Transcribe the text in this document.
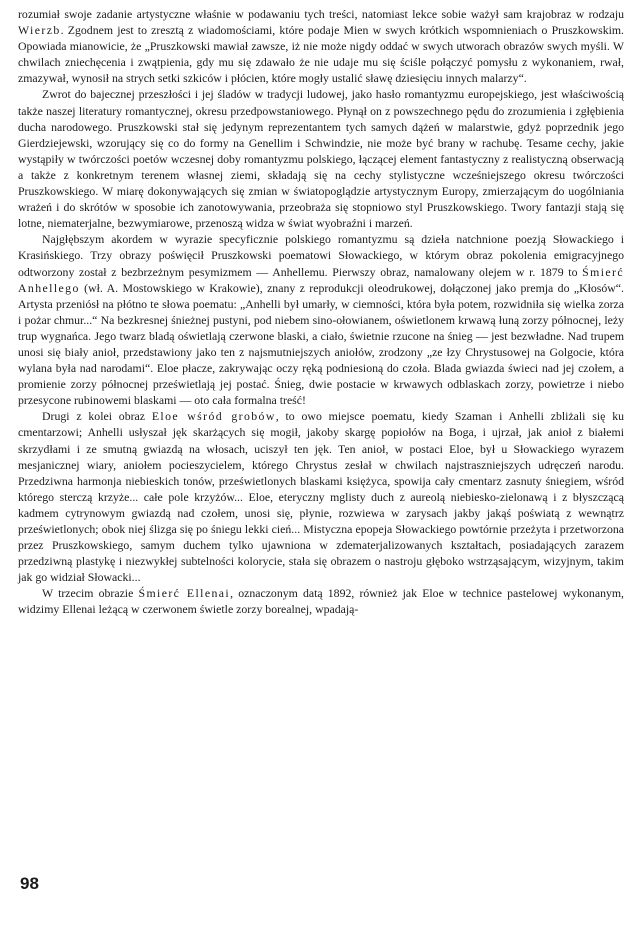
rozumiał swoje zadanie artystyczne właśnie w podawaniu tych treści, natomiast lekce sobie ważył sam krajobraz w rodzaju Wierzb. Zgodnem jest to zresztą z wiadomościami, które podaje Mien w swych krótkich wspomnieniach o Pruszkowskim. Opowiada mianowicie, że „Pruszkowski mawiał zawsze, iż nie może nigdy oddać w swych utworach obrazów swych myśli. W chwilach zniechęcenia i zwątpienia, gdy mu się zdawało że nie udaje mu się ściśle połączyć pomysłu z wykonaniem, rwał, zmazywał, wynosił na strych setki szkiców i płócien, które mogły ustalić sławę dziesięciu innych malarzy“.

Zwrot do bajecznej przeszłości i jej śladów w tradycji ludowej, jako hasło romantyzmu europejskiego, jest właściwością także naszej literatury romantycznej, okresu przedpowstaniowego. Płynął on z powszechnego pędu do zrozumienia i zgłębienia ducha narodowego. Pruszkowski stał się jedynym reprezentantem tych samych dążeń w malarstwie, gdyż poprzednik jego Gierdziejewski, wzorujący się co do formy na Genellim i Schwindzie, nie może być brany w rachubę. Tesame cechy, jakie wystąpiły w twórczości poetów wczesnej doby romantyzmu polskiego, łączącej element fantastyczny z realistyczną obserwacją a także z konkretnym terenem własnej ziemi, składają się na cechy stylistyczne wcześniejszego okresu twórczości Pruszkowskiego. W miarę dokonywających się zmian w światopoglądzie artystycznym Europy, zmierzającym do uogólniania wrażeń i do skrótów w sposobie ich zanotowywania, przeobraża się stopniowo styl Pruszkowskiego. Twory fantazji stają się lotne, niematerjalne, bezwymiarowe, przenoszą widza w świat wyobraźni i marzeń.

Najgłębszym akordem w wyrazie specyficznie polskiego romantyzmu są dzieła natchnione poezją Słowackiego i Krasińskiego. Trzy obrazy poświęcił Pruszkowski poematowi Słowackiego, w którym obraz pokolenia emigracyjnego odtworzony został z bezbrzeżnym pesymizmem — Anhellemu. Pierwszy obraz, namalowany olejem w r. 1879 to Śmierć Anhellego (wł. A. Mostowskiego w Krakowie), znany z reprodukcji oleodrukowej, dołączonej jako premja do „Kłosów“. Artysta przeniósł na płótno te słowa poematu: „Anhelli był umarły, w ciemności, która była potem, rozwidniła się wielka zorza i pożar chmur...“ Na bezkresnej śnieżnej pustyni, pod niebem sino-ołowianem, oświetlonem krwawą łuną zorzy północnej, leży trup wygnańca. Jego twarz bladą oświetlają czerwone blaski, a ciało, świetnie rzucone na śnieg — jest bezwładne. Nad trupem unosi się biały anioł, przedstawiony jako ten z najsmutniejszych aniołów, zrodzony „ze łzy Chrystusowej na Golgocie, która wylana była nad narodami“. Eloe płacze, zakrywając oczy ręką podniesioną do czoła. Blada gwiazda świeci nad jej czołem, a promienie zorzy północnej prześwietlają jej postać. Śnieg, dwie postacie w krwawych odblaskach zorzy, powietrze i niebo przesycone rubinowemi blaskami — oto cała formalna treść!

Drugi z kolei obraz Eloe wśród grobów, to owo miejsce poematu, kiedy Szaman i Anhelli zbliżali się ku cmentarzowi; Anhelli usłyszał jęk skarżących się mogił, jakoby skargę popiołów na Boga, i ujrzał, jak anioł z białemi skrzydłami i ze smutną gwiazdą na włosach, uciszył ten jęk. Ten anioł, w postaci Eloe, był u Słowackiego wyrazem mesjanicznej wiary, aniołem pocieszycielem, którego Chrystus zesłał w chwilach najstraszniejszych udręczeń narodu. Przedziwna harmonja niebieskich tonów, prześwietlonych blaskami księżyca, spowija cały cmentarz zasnuty śniegiem, wśród którego sterczą krzyże... całe pole krzyżów... Eloe, eteryczny mglisty duch z aureolą niebiesko-zielonawą i z błyszczącą kadmem cytrynowym gwiazdą nad czołem, unosi się, płynie, rozwiewa w zarysach jakby jakąś poświatą z wewnątrz prześwietlonych; obok niej ślizga się po śniegu lekki cień... Mistyczna epopeja Słowackiego powtórnie przeżyta i przetworzona przez Pruszkowskiego, samym duchem tylko ujawniona w zdematerjalizowanych kształtach, posiadających zarazem przedziwną plastykę i niezwykłej subtelności kolorycie, stała się obrazem o nastroju głęboko wstrząsającym, wizyjnym, takim jak go widział Słowacki...

W trzecim obrazie Śmierć Ellenai, oznaczonym datą 1892, również jak Eloe w technice pastelowej wykonanym, widzimy Ellenai leżącą w czerwonem świetle zorzy borealnej, wpadają-

98
